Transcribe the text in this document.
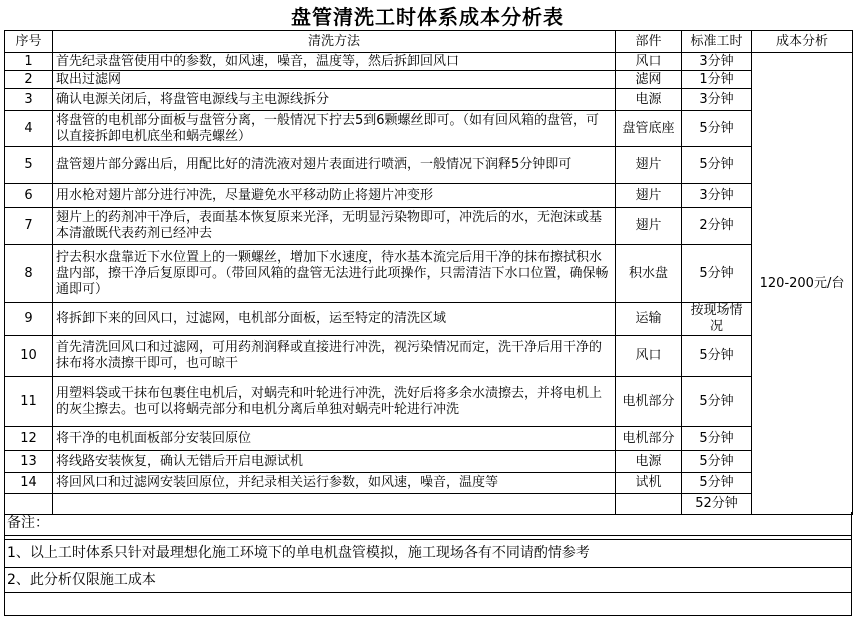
盘管清洗工时体系成本分析表
序号	清洗方法	部件	标准工时	成本分析
1	首先纪录盘管使用中的参数，如风速，噪音，温度等，然后拆卸回风口	风口	3分钟	120-200元/台
2	取出过滤网	滤网	1分钟	
3	确认电源关闭后，将盘管电源线与主电源线拆分	电源	3分钟	
4	将盘管的电机部分面板与盘管分离，一般情况下拧去5到6颗螺丝即可。（如有回风箱的盘管，可以直接拆卸电机底坐和蜗壳螺丝）	盘管底座	5分钟	
5	盘管翅片部分露出后，用配比好的清洗液对翅片表面进行喷洒，一般情况下润释5分钟即可	翅片	5分钟	
6	用水枪对翅片部分进行冲洗，尽量避免水平移动防止将翅片冲变形	翅片	3分钟	
7	翅片上的药剂冲干净后，表面基本恢复原来光泽，无明显污染物即可，冲洗后的水，无泡沫或基本清澈既代表药剂已经冲去	翅片	2分钟	
8	拧去积水盘靠近下水位置上的一颗螺丝，增加下水速度，待水基本流完后用干净的抹布擦拭积水盘内部，擦干净后复原即可。（带回风箱的盘管无法进行此项操作，只需清洁下水口位置，确保畅通即可）	积水盘	5分钟	
9	将拆卸下来的回风口，过滤网，电机部分面板，运至特定的清洗区域	运输	按现场情况	
10	首先清洗回风口和过滤网，可用药剂润释或直接进行冲洗，视污染情况而定，洗干净后用干净的抹布将水渍擦干即可，也可晾干	风口	5分钟	
11	用塑料袋或干抹布包裹住电机后，对蜗壳和叶轮进行冲洗，洗好后将多余水渍擦去，并将电机上的灰尘擦去。也可以将蜗壳部分和电机分离后单独对蜗壳叶轮进行冲洗	电机部分	5分钟	
12	将干净的电机面板部分安装回原位	电机部分	5分钟	
13	将线路安装恢复，确认无错后开启电源试机	电源	5分钟	
14	将回风口和过滤网安装回原位，并纪录相关运行参数，如风速，噪音，温度等	试机	5分钟	
			52分钟	
备注：

1、以上工时体系只针对最理想化施工环境下的单电机盘管模拟，施工现场各有不同请酌情参考
2、此分析仅限施工成本
